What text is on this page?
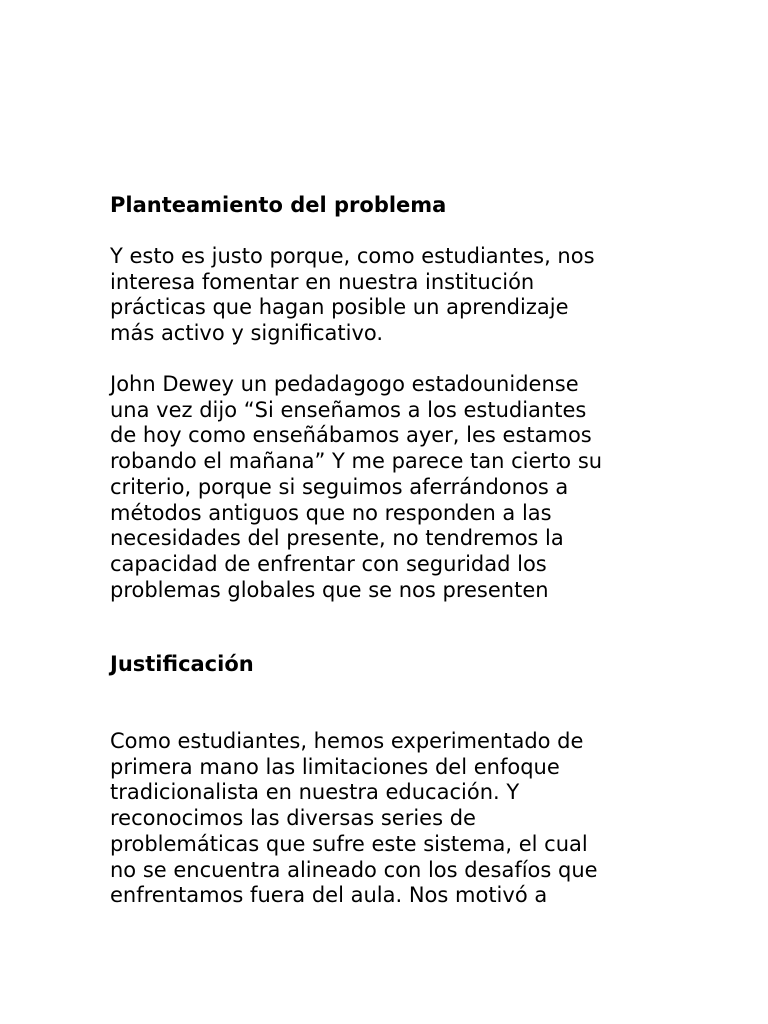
Planteamiento del problema

Y esto es justo porque, como estudiantes, nos
interesa fomentar en nuestra institución
prácticas que hagan posible un aprendizaje
más activo y significativo.

John Dewey un pedadagogo estadounidense
una vez dijo “Si enseñamos a los estudiantes
de hoy como enseñábamos ayer, les estamos
robando el mañana” Y me parece tan cierto su
criterio, porque si seguimos aferrándonos a
métodos antiguos que no responden a las
necesidades del presente, no tendremos la
capacidad de enfrentar con seguridad los
problemas globales que se nos presenten

Justificación

Como estudiantes, hemos experimentado de
primera mano las limitaciones del enfoque
tradicionalista en nuestra educación. Y
reconocimos las diversas series de
problemáticas que sufre este sistema, el cual
no se encuentra alineado con los desafíos que
enfrentamos fuera del aula. Nos motivó a
